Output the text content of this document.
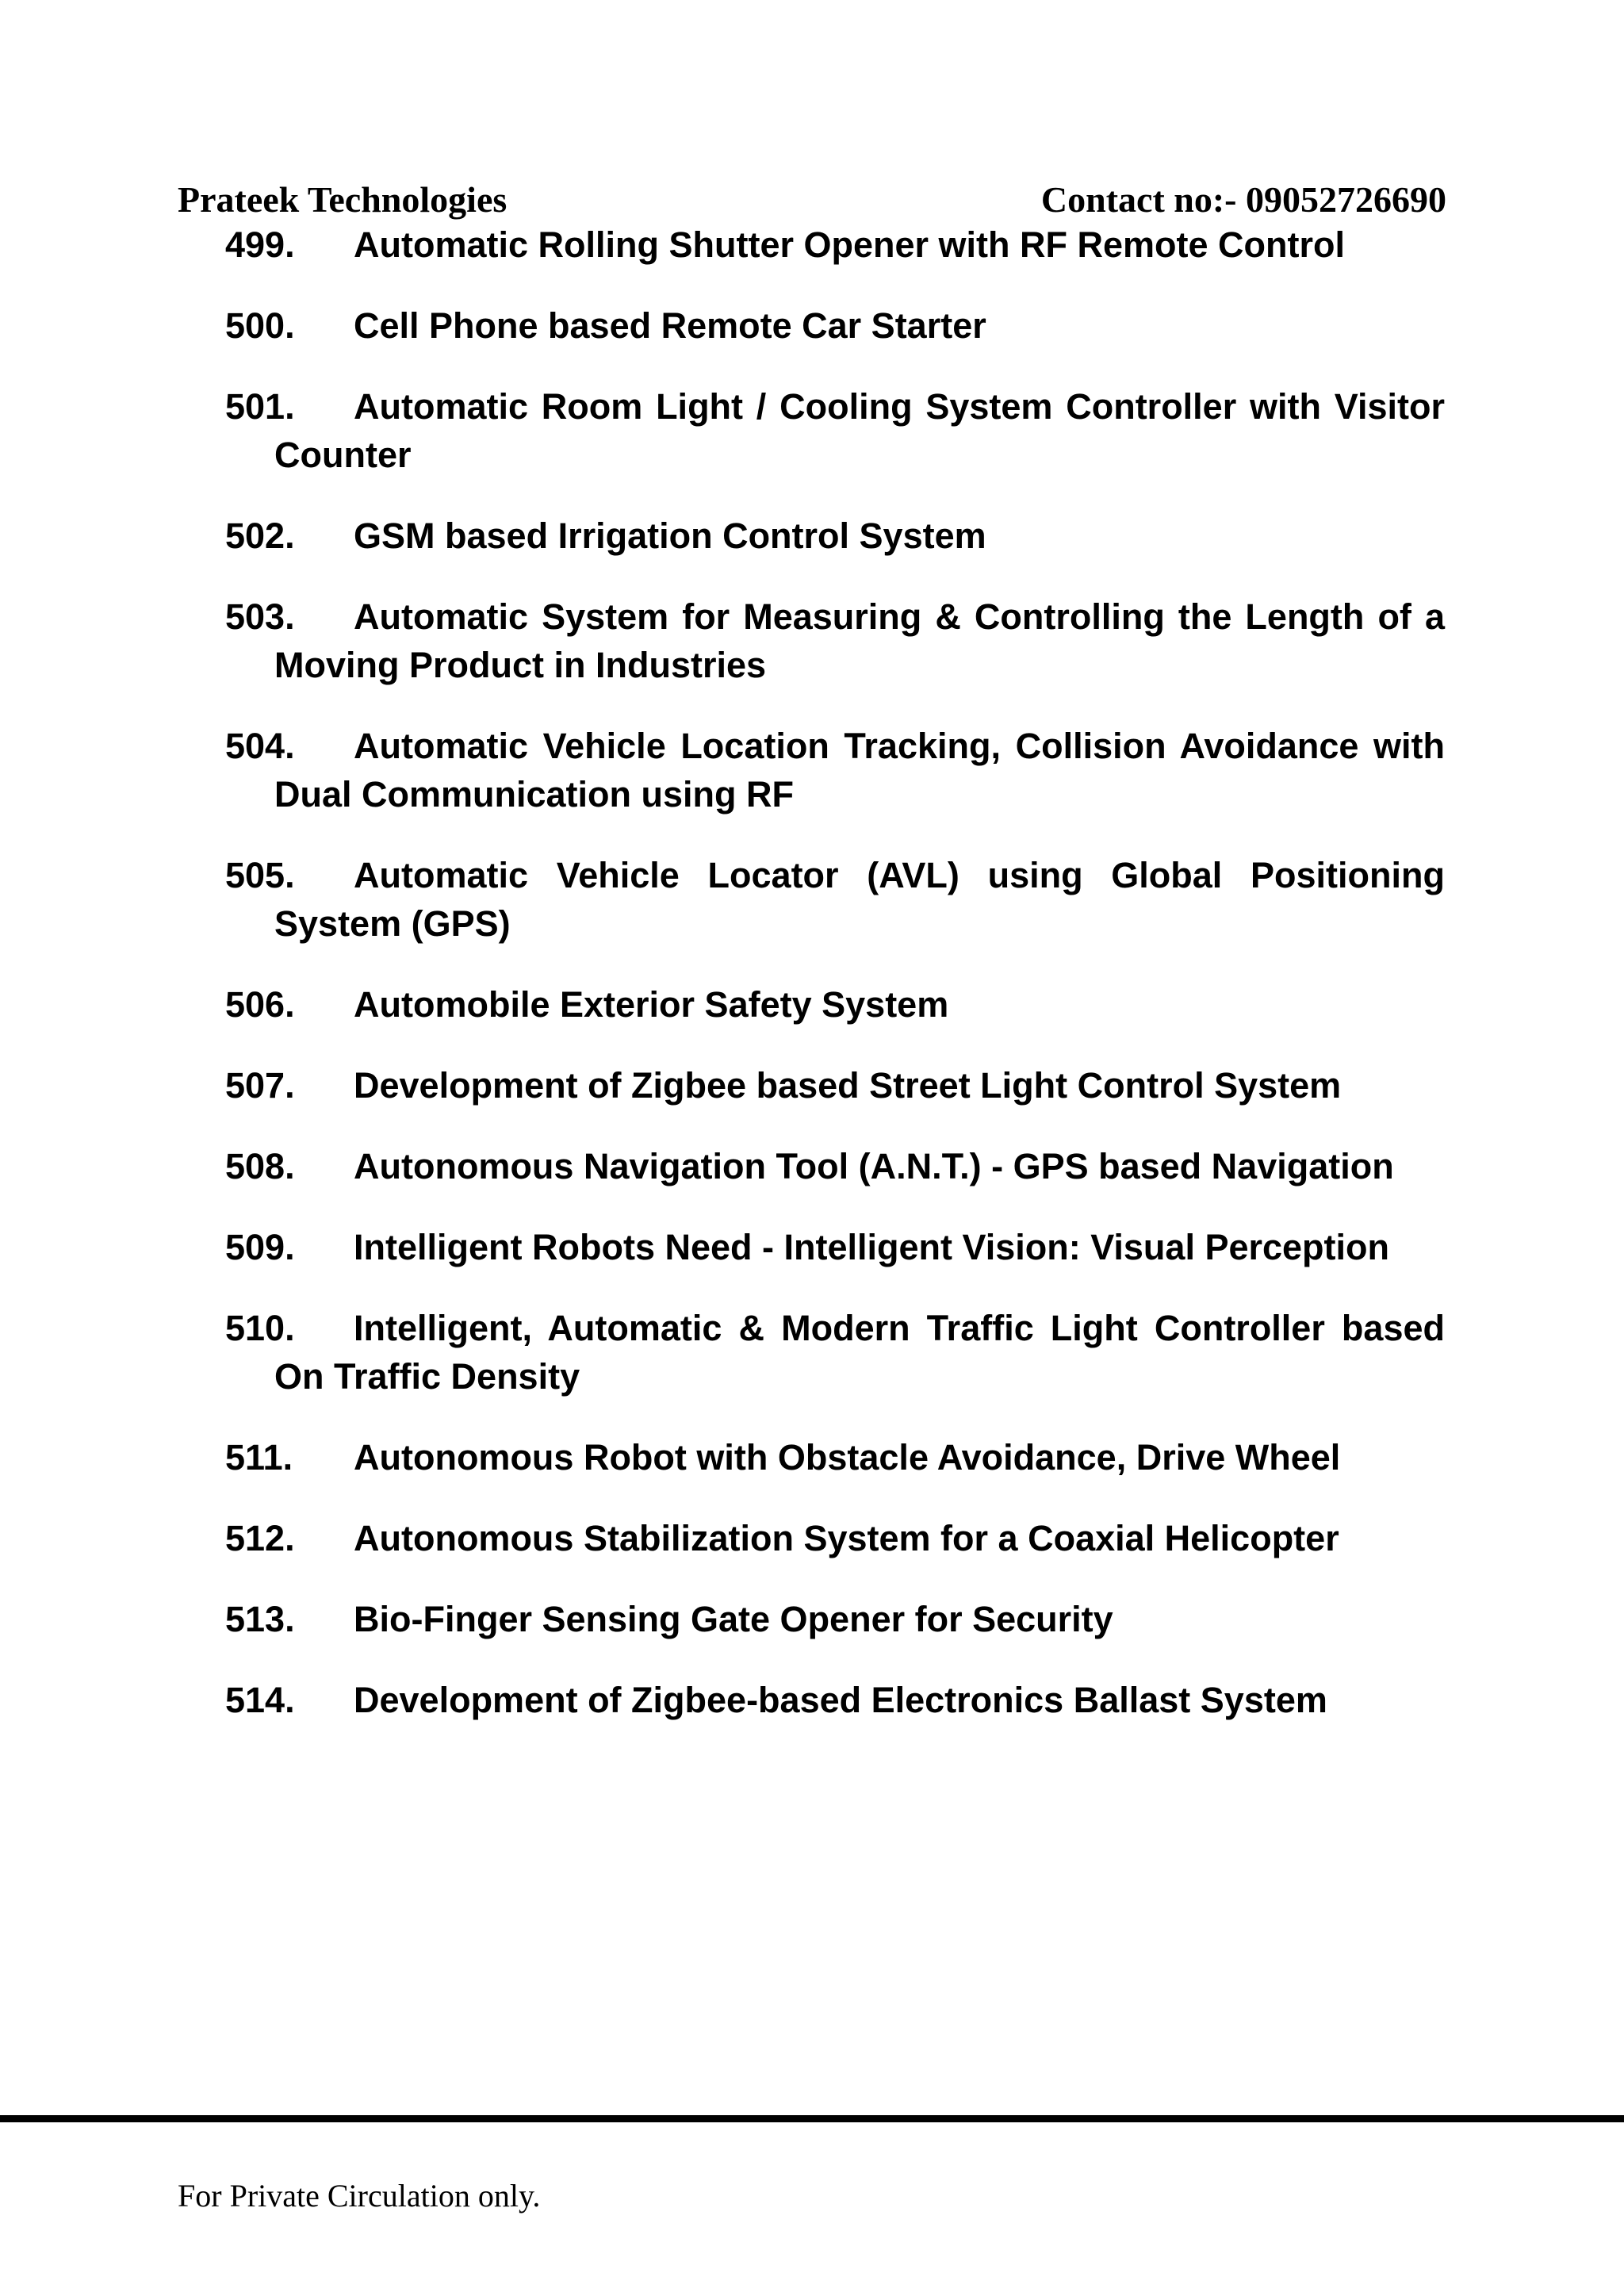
Prateek Technologies	Contact no:- 09052726690
499. Automatic Rolling Shutter Opener with RF Remote Control
500. Cell Phone based Remote Car Starter
501. Automatic Room Light / Cooling System Controller with Visitor Counter
502. GSM based Irrigation Control System
503. Automatic System for Measuring & Controlling the Length of a Moving Product in Industries
504. Automatic Vehicle Location Tracking, Collision Avoidance with Dual Communication using RF
505. Automatic Vehicle Locator (AVL) using Global Positioning System (GPS)
506. Automobile Exterior Safety System
507. Development of Zigbee based Street Light Control System
508. Autonomous Navigation Tool (A.N.T.) - GPS based Navigation
509. Intelligent Robots Need - Intelligent Vision: Visual Perception
510. Intelligent, Automatic & Modern Traffic Light Controller based On Traffic Density
511. Autonomous Robot with Obstacle Avoidance, Drive Wheel
512. Autonomous Stabilization System for a Coaxial Helicopter
513. Bio-Finger Sensing Gate Opener for Security
514. Development of Zigbee-based Electronics Ballast System
For Private Circulation only.
